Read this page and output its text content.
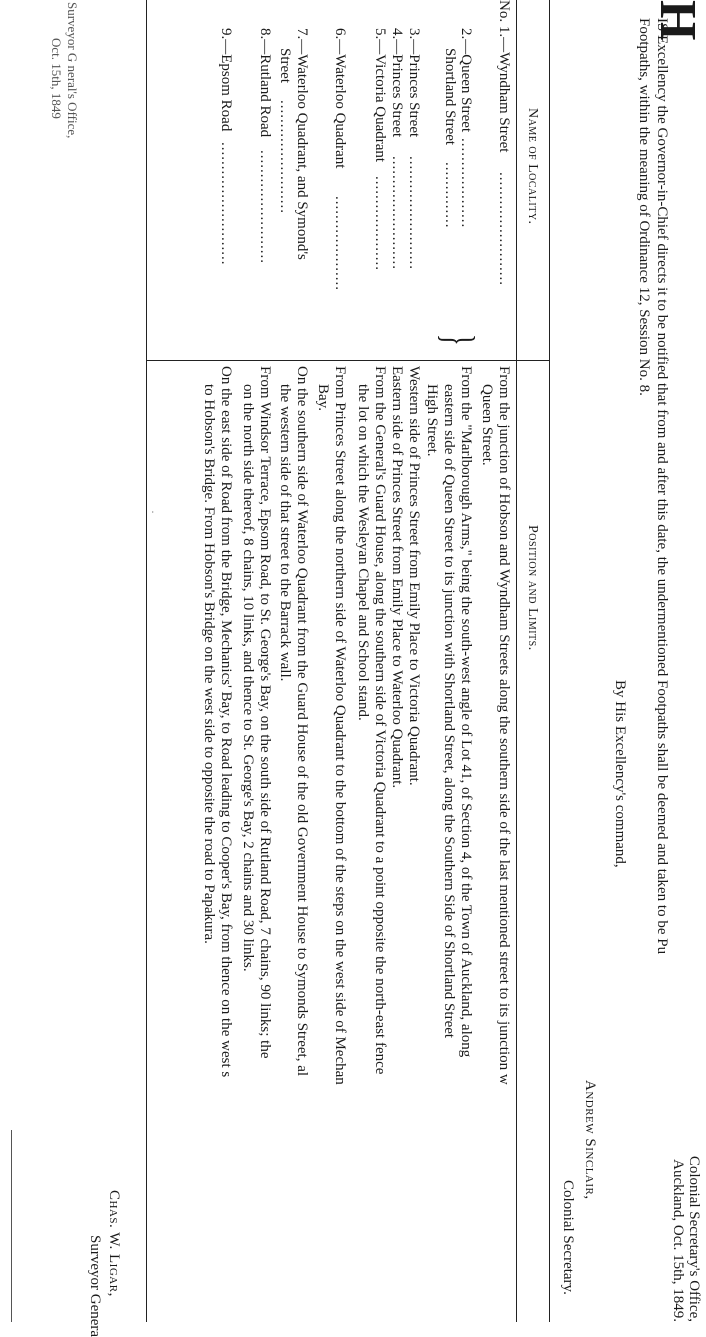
Colonial Secretary's Office,
Auckland, Oct. 15th, 1849.
H
IS Excellency the Governor-in-Chief directs it to be notified that from and after this date, the undermentioned Footpaths shall be deemed and taken to be Pu
Footpaths, within the meaning of Ordinance 12, Session No. 8.
By His Excellency's command,
Andrew Sinclair,
Colonial Secretary.
Name of Locality.
Position and Limits.
No. 1.—Wyndham Street
........................
From the junction of Hobson and Wyndham Streets along the southern side of the last mentioned street to its junction w
Queen Street.
2.—Queen Street
...................
Shortland Street
..............
}
From the "Marlborough Arms," being the south-west angle of Lot 41, of Section 4, of the Town of Auckland, along
eastern side of Queen Street to its junction with Shortland Street, along the Southern Side of Shortland Street
High Street.
3.—Princes Street
........................
Western side of Princes Street from Emily Place to Victoria Quadrant.
4.—Princes Street
........................
Eastern side of Princes Street from Emily Place to Waterloo Quadrant.
5.—Victoria Quadrant
....................
From the General's Guard House, along the southern side of Victoria Quadrant to a point opposite the north-east fence
the lot on which the Wesleyan Chapel and School stand.
6.—Waterloo Quadrant
....................
From Princes Street along the northern side of Waterloo Quadrant to the bottom of the steps on the west side of Mechan
Bay.
7.—Waterloo Quadrant, and Symond's
Street
........................
On the southern side of Waterloo Quadrant from the Guard House of the old Government House to Symonds Street, al
the western side of that street to the Barrack wall.
8.—Rutland Road
........................
From Windsor Terrace, Epsom Road, to St. George's Bay, on the south side of Rutland Road, 7 chains, 90 links; the
on the north side thereof, 8 chains, 10 links, and thence to St. George's Bay, 2 chains and 30 links.
9.—Epsom Road
..........................
On the east side of Road from the Bridge, Mechanics' Bay, to Road leading to Cooper's Bay, from thence on the west s
to Hobson's Bridge. From Hobson's Bridge on the west side to opposite the road to Papakura.
·
Chas. W. Ligar,
Surveyor Genera
Surveyor G neral's Office,
Oct. 15th, 1849
